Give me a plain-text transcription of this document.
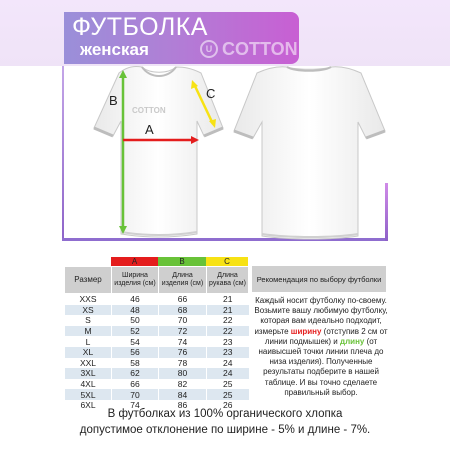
ФУТБОЛКА
женская	U COTTON
COTTON
B
A
C
A	B	C
Размер	Ширина изделия (см)	Длина изделия (см)	Длина рукава (см)
XXS	46	66	21
XS	48	68	21
S	50	70	22
M	52	72	22
L	54	74	23
XL	56	76	23
XXL	58	78	24
3XL	62	80	24
4XL	66	82	25
5XL	70	84	25
6XL	74	86	26
Рекомендация по выбору футболки
Каждый носит футболку по-своему. Возьмите вашу любимую футболку, которая вам идеально подходит, измерьте ширину (отступив 2 см от линии подмышек) и длину (от наивысшей точки линии плеча до низа изделия). Полученные результаты подберите в нашей таблице. И вы точно сделаете правильный выбор.
В футболках из 100% органического хлопка
допустимое отклонение по ширине - 5% и длине - 7%.
